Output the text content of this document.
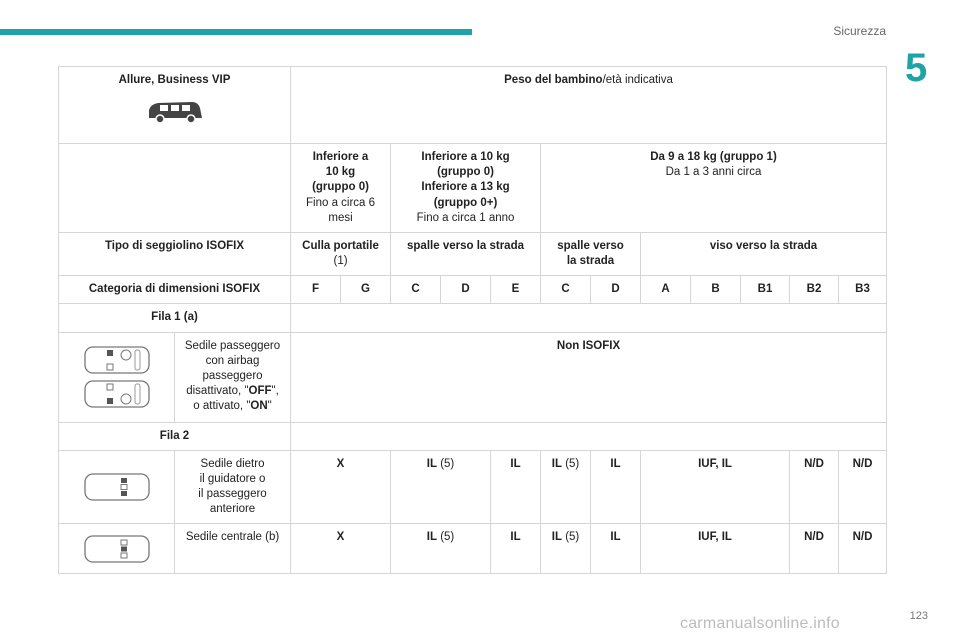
Sicurezza
5
Allure, Business VIP		Peso del bambino/età indicativa											
		Inferiore a
10 kg
(gruppo 0)
Fino a circa 6
mesi		Inferiore a 10 kg
(gruppo 0)
Inferiore a 13 kg
(gruppo 0+)
Fino a circa 1 anno			Da 9 a 18 kg (gruppo 1)
Da 1 a 3 anni circa						
Tipo di seggiolino ISOFIX		Culla portatile
(1)		spalle verso la strada			spalle verso
la strada		viso verso la strada				
Categoria di dimensioni ISOFIX		F	G	C	D	E	C	D	A	B	B1	B2	B3
Fila 1 (a)													

	Sedile passeggero
con airbag
passeggero
disattivato, "OFF",
o attivato, "ON"	Non ISOFIX											
Fila 2													

	Sedile dietro
il guidatore o
il passeggero
anteriore	X		IL (5)		IL	IL (5)	IL	IUF, IL			N/D	N/D

	Sedile centrale (b)	X		IL (5)		IL	IL (5)	IL	IUF, IL			N/D	N/D
123
carmanualsonline.info
